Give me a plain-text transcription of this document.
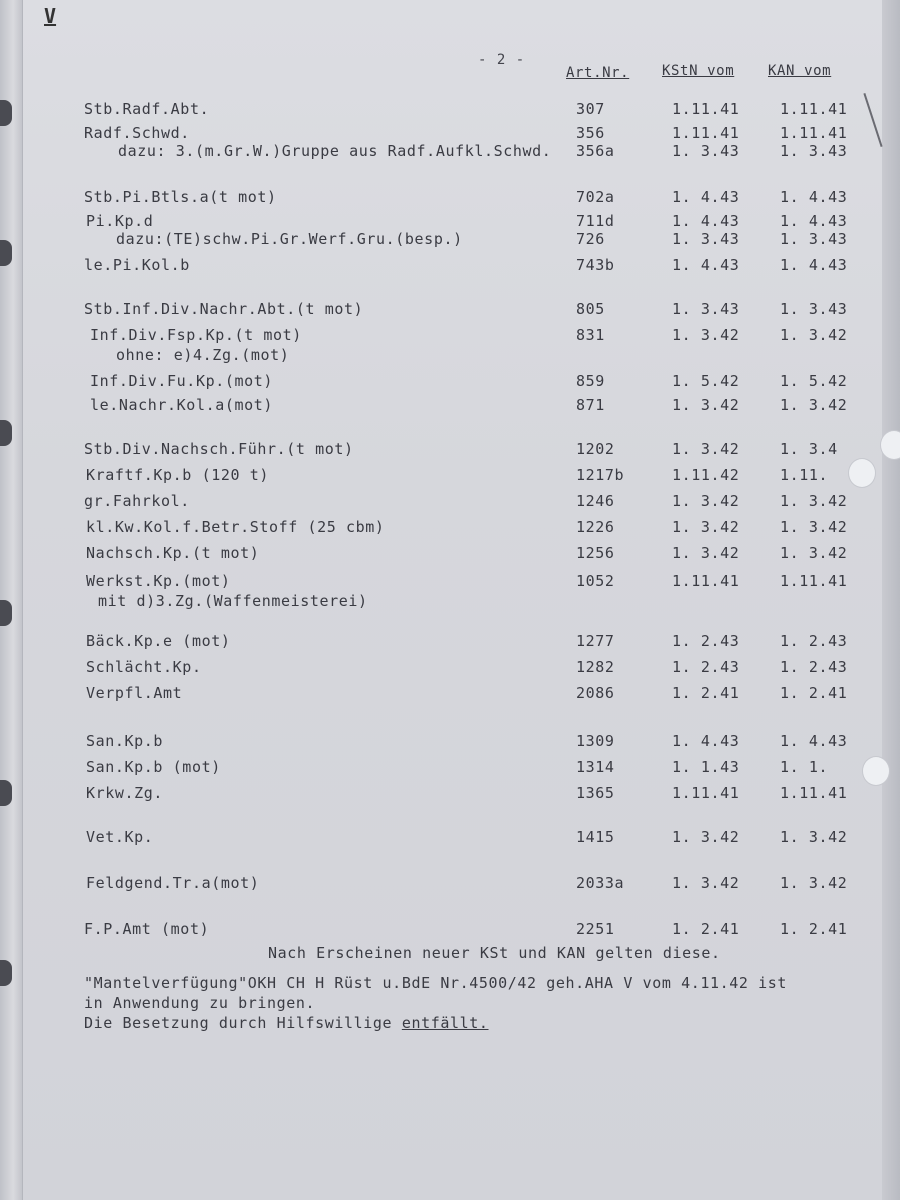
V
- 2 -
Art.Nr. KStN vom KAN vom
Stb.Radf.Abt.	307	1.11.41	1.11.41
Radf.Schwd.	356	1.11.41	1.11.41
dazu: 3.(m.Gr.W.)Gruppe aus Radf.Aufkl.Schwd. 356a	1. 3.43	1. 3.43
Stb.Pi.Btls.a(t mot)	702a	1. 4.43	1. 4.43
Pi.Kp.d	711d	1. 4.43	1. 4.43
dazu:(TE)schw.Pi.Gr.Werf.Gru.(besp.)	726	1. 3.43	1. 3.43
le.Pi.Kol.b	743b	1. 4.43	1. 4.43
Stb.Inf.Div.Nachr.Abt.(t mot)	805	1. 3.43	1. 3.43
Inf.Div.Fsp.Kp.(t mot)	831	1. 3.42	1. 3.42
ohne: e)4.Zg.(mot)
Inf.Div.Fu.Kp.(mot)	859	1. 5.42	1. 5.42
le.Nachr.Kol.a(mot)	871	1. 3.42	1. 3.42
Stb.Div.Nachsch.Führ.(t mot)	1202	1. 3.42	1. 3.4
Kraftf.Kp.b (120 t)	1217b	1.11.42	1.11.
gr.Fahrkol.	1246	1. 3.42	1. 3.42
kl.Kw.Kol.f.Betr.Stoff (25 cbm)	1226	1. 3.42	1. 3.42
Nachsch.Kp.(t mot)	1256	1. 3.42	1. 3.42
Werkst.Kp.(mot)	1052	1.11.41	1.11.41
mit d)3.Zg.(Waffenmeisterei)
Bäck.Kp.e (mot)	1277	1. 2.43	1. 2.43
Schlächt.Kp.	1282	1. 2.43	1. 2.43
Verpfl.Amt	2086	1. 2.41	1. 2.41
San.Kp.b	1309	1. 4.43	1. 4.43
San.Kp.b (mot)	1314	1. 1.43	1. 1.
Krkw.Zg.	1365	1.11.41	1.11.41
Vet.Kp.	1415	1. 3.42	1. 3.42
Feldgend.Tr.a(mot)	2033a	1. 3.42	1. 3.42
F.P.Amt (mot)	2251	1. 2.41	1. 2.41
Nach Erscheinen neuer KSt und KAN gelten diese.
"Mantelverfügung"OKH CH H Rüst u.BdE Nr.4500/42 geh.AHA V vom 4.11.42 ist
in Anwendung zu bringen.
Die Besetzung durch Hilfswillige entfällt.
